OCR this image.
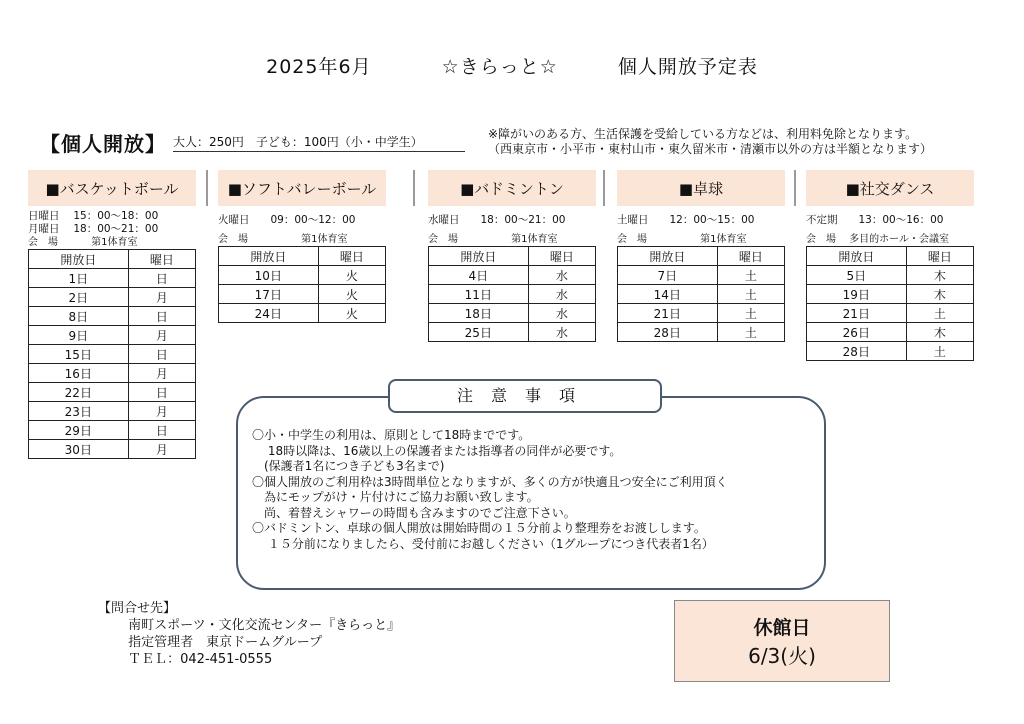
2025年6月	☆きらっと☆	個人開放予定表
【個人開放】 大人：250円　子ども：100円（小・中学生）
※障がいのある方、生活保護を受給している方などは、利用料免除となります。
（西東京市・小平市・東村山市・東久留米市・清瀬市以外の方は半額となります）
■バスケットボール
日曜日　 15：00～18：00
月曜日　 18：00～21：00
会　場　　　 第1体育室
開放日	曜日
1日	日
2日	月
8日	日
9日	月
15日	日
16日	月
22日	日
23日	月
29日	日
30日	月
■ソフトバレーボール
火曜日　　09：00～12：00
会　場　　　　　 第1体育室
開放日	曜日
10日	火
17日	火
24日	火
■バドミントン
水曜日　　18：00～21：00
会　場　　　　　 第1体育室
開放日	曜日
4日	水
11日	水
18日	水
25日	水
■卓球
土曜日　　12：00～15：00
会　場　　　　　 第1体育室
開放日	曜日
7日	土
14日	土
21日	土
28日	土
■社交ダンス
不定期　　13：00～16：00
会　場　 多目的ホール・会議室
開放日	曜日
5日	木
19日	木
21日	土
26日	木
28日	土
注意事項
〇小・中学生の利用は、原則として18時までです。
　 18時以降は、16歳以上の保護者または指導者の同伴が必要です。
　(保護者1名につき子ども3名まで)
〇個人開放のご利用枠は3時間単位となりますが、多くの方が快適且つ安全にご利用頂く
　為にモップがけ・片付けにご協力お願い致します。
　尚、着替えシャワーの時間も含みますのでご注意下さい。
〇バドミントン、卓球の個人開放は開始時間の１５分前より整理券をお渡しします。
　 １５分前になりましたら、受付前にお越しください（1グループにつき代表者1名）
【問合せ先】
　　 南町スポーツ・文化交流センター『きらっと』
　　 指定管理者　東京ドームグループ
　　 ＴＥＬ：042-451-0555
休館日
6/3(火)
